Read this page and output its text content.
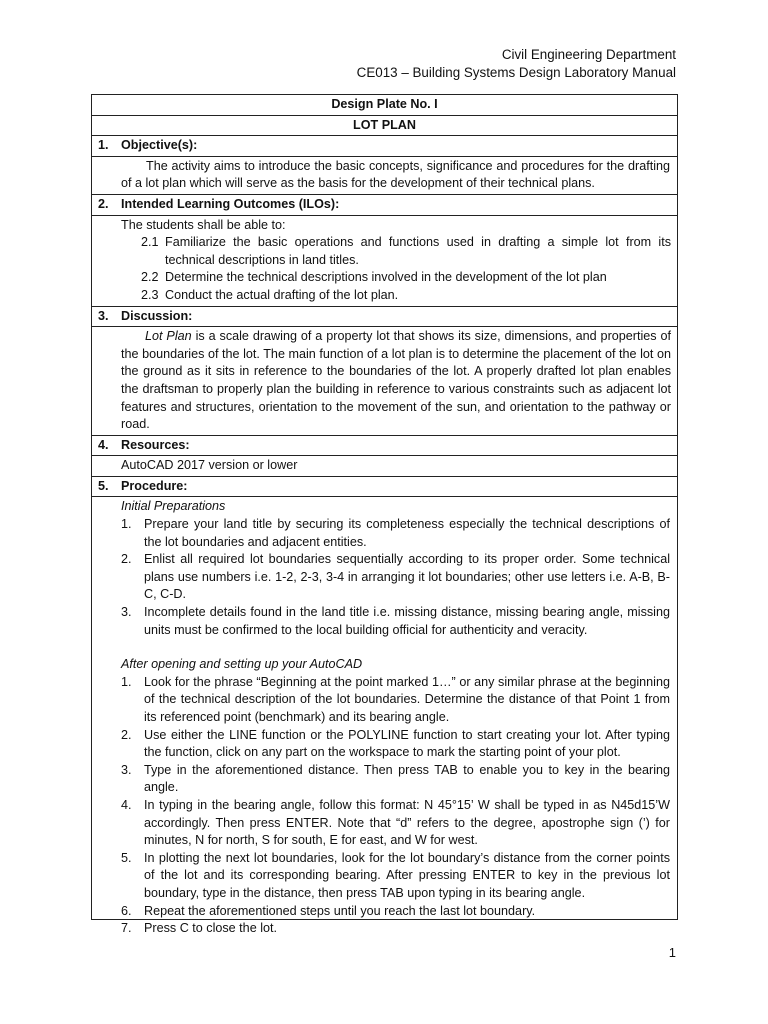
Civil Engineering Department
CE013 – Building Systems Design Laboratory Manual
Design Plate No. I
LOT PLAN
1. Objective(s):
The activity aims to introduce the basic concepts, significance and procedures for the drafting of a lot plan which will serve as the basis for the development of their technical plans.
2. Intended Learning Outcomes (ILOs):
The students shall be able to:
2.1 Familiarize the basic operations and functions used in drafting a simple lot from its technical descriptions in land titles.
2.2 Determine the technical descriptions involved in the development of the lot plan
2.3 Conduct the actual drafting of the lot plan.
3. Discussion:
Lot Plan is a scale drawing of a property lot that shows its size, dimensions, and properties of the boundaries of the lot. The main function of a lot plan is to determine the placement of the lot on the ground as it sits in reference to the boundaries of the lot. A properly drafted lot plan enables the draftsman to properly plan the building in reference to various constraints such as adjacent lot features and structures, orientation to the movement of the sun, and orientation to the pathway or road.
4. Resources:
AutoCAD 2017 version or lower
5. Procedure:
Initial Preparations
1. Prepare your land title by securing its completeness especially the technical descriptions of the lot boundaries and adjacent entities.
2. Enlist all required lot boundaries sequentially according to its proper order. Some technical plans use numbers i.e. 1-2, 2-3, 3-4 in arranging it lot boundaries; other use letters i.e. A-B, B-C, C-D.
3. Incomplete details found in the land title i.e. missing distance, missing bearing angle, missing units must be confirmed to the local building official for authenticity and veracity.
After opening and setting up your AutoCAD
1. Look for the phrase “Beginning at the point marked 1…” or any similar phrase at the beginning of the technical description of the lot boundaries. Determine the distance of that Point 1 from its referenced point (benchmark) and its bearing angle.
2. Use either the LINE function or the POLYLINE function to start creating your lot. After typing the function, click on any part on the workspace to mark the starting point of your plot.
3. Type in the aforementioned distance. Then press TAB to enable you to key in the bearing angle.
4. In typing in the bearing angle, follow this format: N 45°15’ W shall be typed in as N45d15’W accordingly. Then press ENTER. Note that “d” refers to the degree, apostrophe sign (’) for minutes, N for north, S for south, E for east, and W for west.
5. In plotting the next lot boundaries, look for the lot boundary’s distance from the corner points of the lot and its corresponding bearing. After pressing ENTER to key in the previous lot boundary, type in the distance, then press TAB upon typing in its bearing angle.
6. Repeat the aforementioned steps until you reach the last lot boundary.
7. Press C to close the lot.
1
